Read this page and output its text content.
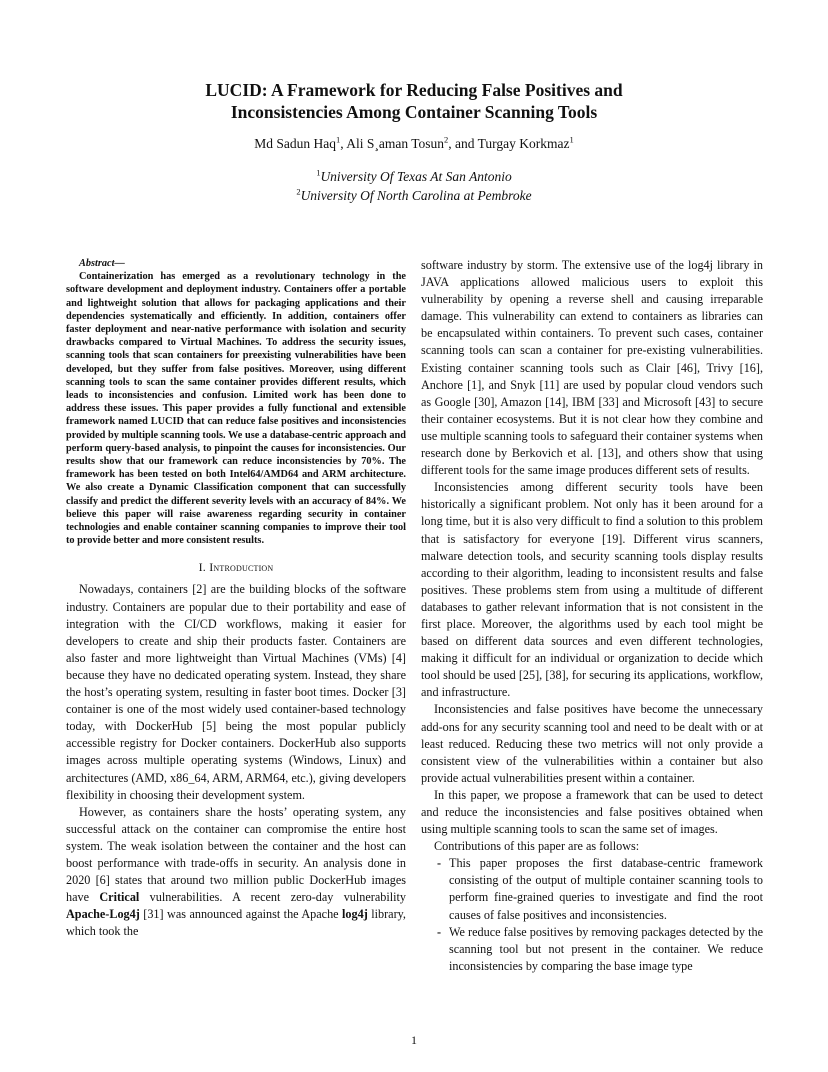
LUCID: A Framework for Reducing False Positives and
Inconsistencies Among Container Scanning Tools
Md Sadun Haq$^1$, Ali S¸aman Tosun$^2$, and Turgay Korkmaz$^1$
$^1$University Of Texas At San Antonio
$^2$University Of North Carolina at Pembroke
Abstract—

Containerization has emerged as a revolutionary technology in the software development and deployment industry. Containers offer a portable and lightweight solution that allows for packaging applications and their dependencies systematically and efficiently. In addition, containers offer faster deployment and near-native performance with isolation and security drawbacks compared to Virtual Machines. To address the security issues, scanning tools that scan containers for preexisting vulnerabilities have been developed, but they suffer from false positives. Moreover, using different scanning tools to scan the same container provides different results, which leads to inconsistencies and confusion. Limited work has been done to address these issues. This paper provides a fully functional and extensible framework named LUCID that can reduce false positives and inconsistencies provided by multiple scanning tools. We use a database-centric approach and perform query-based analysis, to pinpoint the causes for inconsistencies. Our results show that our framework can reduce inconsistencies by 70%. The framework has been tested on both Intel64/AMD64 and ARM architecture. We also create a Dynamic Classification component that can successfully classify and predict the different severity levels with an accuracy of 84%. We believe this paper will raise awareness regarding security in container technologies and enable container scanning companies to improve their tool to provide better and more consistent results.

I. Introduction

Nowadays, containers [2] are the building blocks of the software industry. Containers are popular due to their portability and ease of integration with the CI/CD workflows, making it easier for developers to create and ship their products faster. Containers are also faster and more lightweight than Virtual Machines (VMs) [4] because they have no dedicated operating system. Instead, they share the host’s operating system, resulting in faster boot times. Docker [3] container is one of the most widely used container-based technology today, with DockerHub [5] being the most popular publicly accessible registry for Docker containers. DockerHub also supports images across multiple operating systems (Windows, Linux) and architectures (AMD, x86_64, ARM, ARM64, etc.), giving developers flexibility in choosing their development system.

However, as containers share the hosts’ operating system, any successful attack on the container can compromise the entire host system. The weak isolation between the container and the host can boost performance with trade-offs in security. An analysis done in 2020 [6] states that around two million public DockerHub images have Critical vulnerabilities. A recent zero-day vulnerability Apache-Log4j [31] was announced against the Apache log4j library, which took the

software industry by storm. The extensive use of the log4j library in JAVA applications allowed malicious users to exploit this vulnerability by opening a reverse shell and causing irreparable damage. This vulnerability can extend to containers as libraries can be encapsulated within containers. To prevent such cases, container scanning tools can scan a container for pre-existing vulnerabilities. Existing container scanning tools such as Clair [46], Trivy [16], Anchore [1], and Snyk [11] are used by popular cloud vendors such as Google [30], Amazon [14], IBM [33] and Microsoft [43] to secure their container ecosystems. But it is not clear how they combine and use multiple scanning tools to safeguard their container systems when research done by Berkovich et al. [13], and others show that using different tools for the same image produces different sets of results.

Inconsistencies among different security tools have been historically a significant problem. Not only has it been around for a long time, but it is also very difficult to find a solution to this problem that is satisfactory for everyone [19]. Different virus scanners, malware detection tools, and security scanning tools display results according to their algorithm, leading to inconsistent results and false positives. These problems stem from using a multitude of different databases to gather relevant information that is not consistent in the first place. Moreover, the algorithms used by each tool might be based on different data sources and even different technologies, making it difficult for an individual or organization to decide which tool should be used [25], [38], for securing its applications, workflow, and infrastructure.

Inconsistencies and false positives have become the unnecessary add-ons for any security scanning tool and need to be dealt with or at least reduced. Reducing these two metrics will not only provide a consistent view of the vulnerabilities within a container but also provide actual vulnerabilities present within a container.

In this paper, we propose a framework that can be used to detect and reduce the inconsistencies and false positives obtained when using multiple scanning tools to scan the same set of images.

Contributions of this paper are as follows:

- This paper proposes the first database-centric framework consisting of the output of multiple container scanning tools to perform fine-grained queries to investigate and find the root causes of false positives and inconsistencies.
- We reduce false positives by removing packages detected by the scanning tool but not present in the container. We reduce inconsistencies by comparing the base image type
1
